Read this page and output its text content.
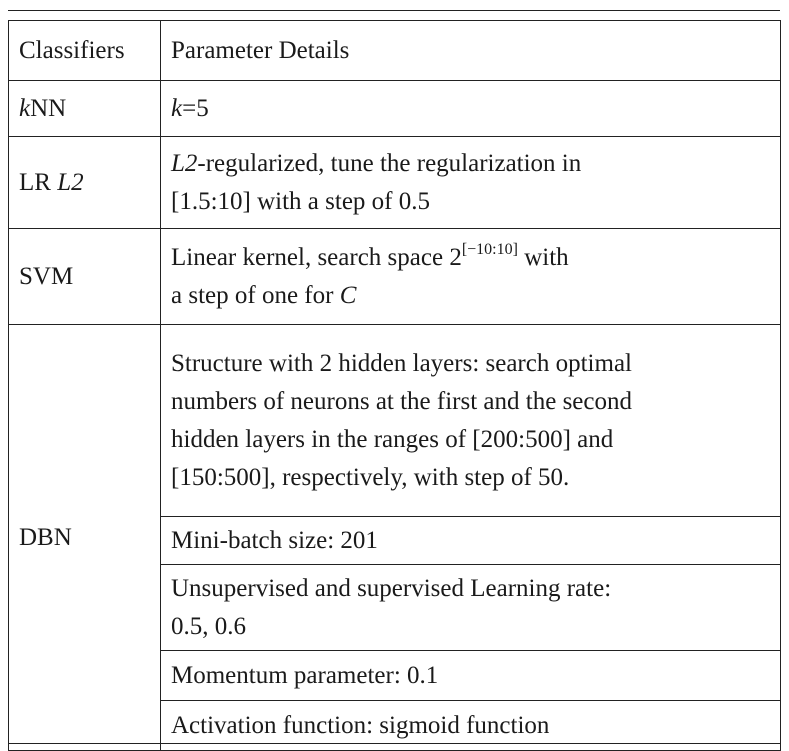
Classifiers	Parameter Details
kNN	k=5
LR L2	L2-regularized, tune the regularization in
[1.5:10] with a step of 0.5

SVM	Linear kernel, search space 2[−10:10] with
a step of one for C

DBN	Structure with 2 hidden layers: search optimal
numbers of neurons at the first and the second
hidden layers in the ranges of [200:500] and
[150:500], respectively, with step of 50.

	Mini-batch size: 201

	Unsupervised and supervised Learning rate:
0.5, 0.6

	Momentum parameter: 0.1
	Activation function: sigmoid function
